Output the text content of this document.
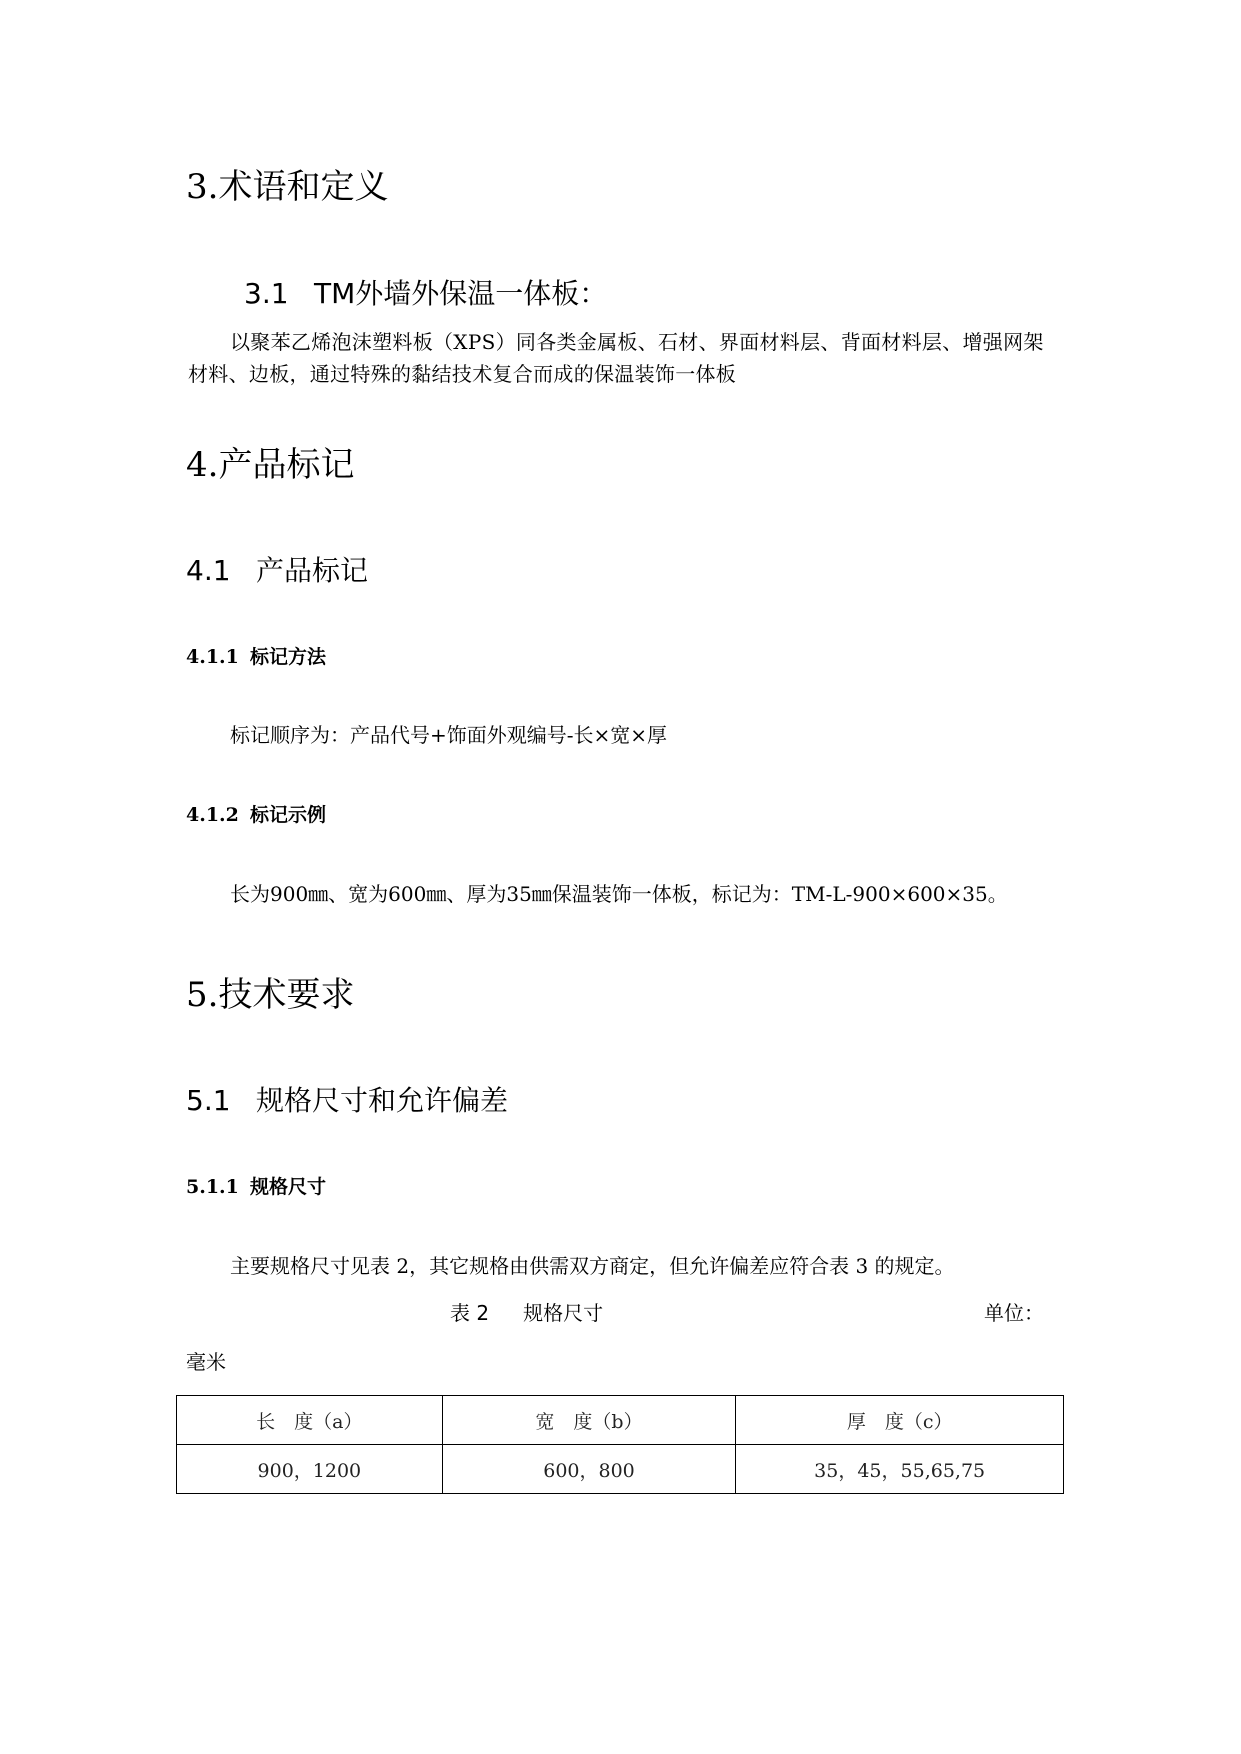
3.术语和定义
3.1 TM外墙外保温一体板：
以聚苯乙烯泡沫塑料板（XPS）同各类金属板、石材、界面材料层、背面材料层、增强网架材料、边板，通过特殊的黏结技术复合而成的保温装饰一体板
4.产品标记
4.1 产品标记
4.1.1 标记方法
标记顺序为：产品代号+饰面外观编号-长×宽×厚
4.1.2 标记示例
长为900㎜、宽为600㎜、厚为35㎜保温装饰一体板，标记为：TM-L-900×600×35。
5.技术要求
5.1 规格尺寸和允许偏差
5.1.1 规格尺寸
主要规格尺寸见表 2，其它规格由供需双方商定，但允许偏差应符合表 3 的规定。
表 2 规格尺寸	单位：
毫米
长　度（a）	宽　度（b）	厚　度（c）
900，1200	600，800	35，45，55,65,75
